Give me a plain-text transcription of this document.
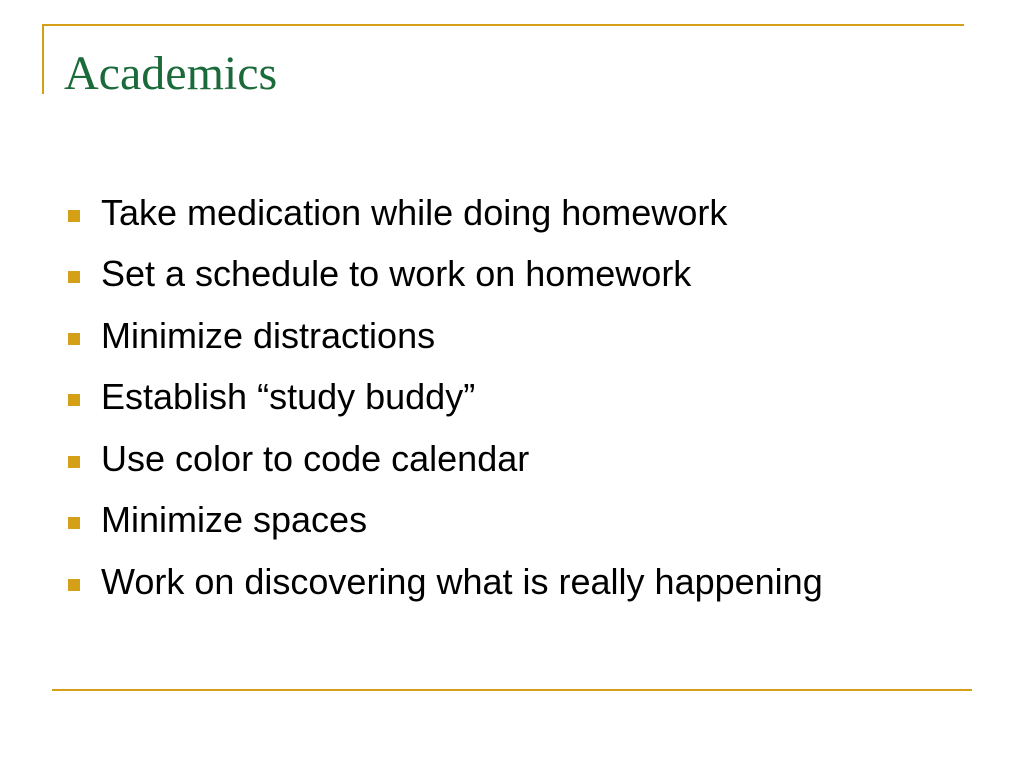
Academics
Take medication while doing homework
Set a schedule to work on homework
Minimize distractions
Establish “study buddy”
Use color to code calendar
Minimize spaces
Work on discovering what is really happening
